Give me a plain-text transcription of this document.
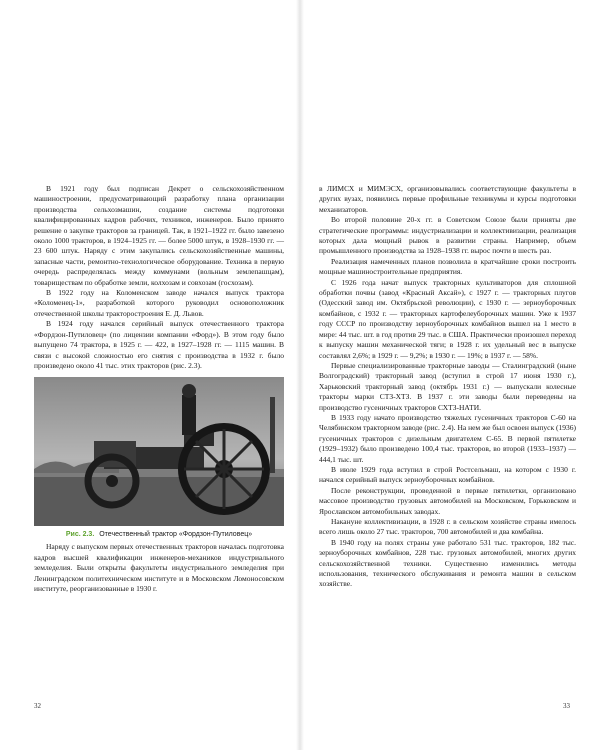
В 1921 году был подписан Декрет о сельскохозяйственном машиностроении, предусматривающий разработку плана организации производства сельхозмашин, создание системы подготовки квалифицированных кадров рабочих, техников, инженеров. Было принято решение о закупке тракторов за границей. Так, в 1921–1922 гг. было завезено около 1000 тракторов, в 1924–1925 гг. — более 5000 штук, в 1928–1930 гг. — 23 600 штук. Наряду с этим закупались сельскохозяйственные машины, запасные части, ремонтно-технологическое оборудование. Техника в первую очередь распределялась между коммунами (вольным землепашцам), товариществам по обработке земли, колхозам и совхозам (госхозам).

В 1922 году на Коломенском заводе начался выпуск трактора «Коломенец-1», разработкой которого руководил основоположник отечественной школы тракторостроения Е. Д. Львов.

В 1924 году начался серийный выпуск отечественного трактора «Фордзон-Путиловец» (по лицензии компании «Форд»). В этом году было выпущено 74 трактора, в 1925 г. — 422, в 1927–1928 гг. — 1115 машин. В связи с высокой сложностью его снятия с производства в 1932 г. было произведено около 41 тыс. этих тракторов (рис. 2.3).

Рис. 2.3. Отечественный трактор «Фордзон-Путиловец»

Наряду с выпуском первых отечественных тракторов началась подготовка кадров высшей квалификации инженеров-механиков индустриального земледелия. Были открыты факультеты индустриального земледелия при Ленинградском политехническом институте и в Московском Ломоносовском институте, реорганизованные в 1930 г.

32

в ЛИМСХ и МИМЭСХ, организовывались соответствующие факультеты в других вузах, появились первые профильные техникумы и курсы подготовки механизаторов.

Во второй половине 20-х гг. в Советском Союзе были приняты две стратегические программы: индустриализации и коллективизации, реализация которых дала мощный рывок в развитии страны. Например, объем промышленного производства за 1928–1938 гг. вырос почти в шесть раз.

Реализация намеченных планов позволила в кратчайшие сроки построить мощные машиностроительные предприятия.

С 1926 года начат выпуск тракторных культиваторов для сплошной обработки почвы (завод «Красный Аксай»), с 1927 г. — тракторных плугов (Одесский завод им. Октябрьской революции), с 1930 г. — зерноуборочных комбайнов, с 1932 г. — тракторных картофелеуборочных машин. Уже к 1937 году СССР по производству зерноуборочных комбайнов вышел на 1 место в мире: 44 тыс. шт. в год против 29 тыс. в США. Практически произошел переход к выпуску машин механической тяги; в 1928 г. их удельный вес в выпуске составлял 2,6%; в 1929 г. — 9,2%; в 1930 г. — 19%; в 1937 г. — 58%.

Первые специализированные тракторные заводы — Сталинградский (ныне Волгоградский) тракторный завод (вступил в строй 17 июня 1930 г.), Харьковский тракторный завод (октябрь 1931 г.) — выпускали колесные тракторы марки СТЗ-ХТЗ. В 1937 г. эти заводы были переведены на производство гусеничных тракторов СХТЗ-НАТИ.

В 1933 году начато производство тяжелых гусеничных тракторов С-60 на Челябинском тракторном заводе (рис. 2.4). На нем же был освоен выпуск (1936) гусеничных тракторов с дизельным двигателем С-65. В первой пятилетке (1929–1932) было произведено 100,4 тыс. тракторов, во второй (1933–1937) — 444,1 тыс. шт.

В июле 1929 года вступил в строй Ростсельмаш, на котором с 1930 г. начался серийный выпуск зерноуборочных комбайнов.

После реконструкции, проведенной в первые пятилетки, организовано массовое производство грузовых автомобилей на Московском, Горьковском и Ярославском автомобильных заводах.

Накануне коллективизации, в 1928 г. в сельском хозяйстве страны имелось всего лишь около 27 тыс. тракторов, 700 автомобилей и два комбайна.

В 1940 году на полях страны уже работало 531 тыс. тракторов, 182 тыс. зерноуборочных комбайнов, 228 тыс. грузовых автомобилей, многих других сельскохозяйственной техники. Существенно изменились методы использования, технического обслуживания и ремонта машин в сельском хозяйстве.

33
